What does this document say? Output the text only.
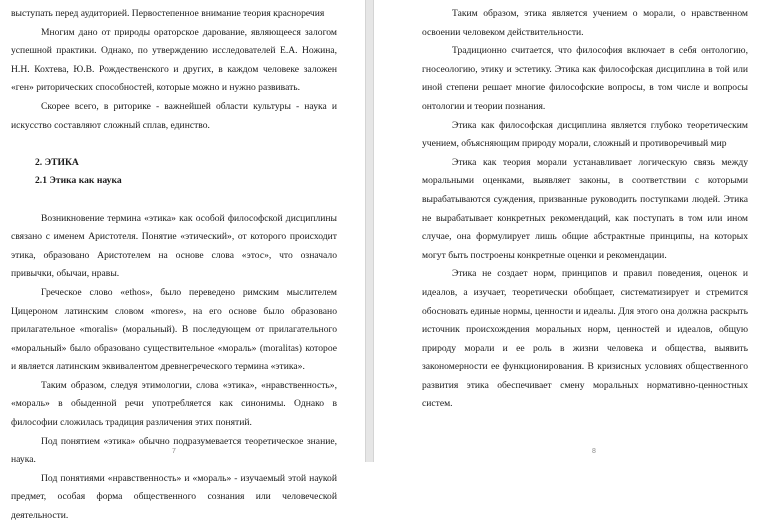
выступать перед аудиторией. Первостепенное внимание теория красноречия

Многим дано от природы ораторское дарование, являющееся залогом успешной практики. Однако, по утверждению исследователей Е.А. Ножина, Н.Н. Кохтева, Ю.В. Рождественского и других, в каждом человеке заложен «ген» риторических способностей, которые можно и нужно развивать.

Скорее всего, в риторике - важнейшей области культуры - наука и искусство составляют сложный сплав, единство.

2. ЭТИКА
2.1 Этика как наука

Возникновение термина «этика» как особой философской дисциплины связано с именем Аристотеля. Понятие «этический», от которого происходит этика, образовано Аристотелем на основе слова «этос», что означало привычки, обычаи, нравы.

Греческое слово «ethos», было переведено римским мыслителем Цицероном латинским словом «mores», на его основе было образовано прилагательное «moralis» (моральный). В последующем от прилагательного «моральный» было образовано существительное «мораль» (moralitas) которое и является латинским эквивалентом древнегреческого термина «этика».

Таким образом, следуя этимологии, слова «этика», «нравственность», «мораль» в обыденной речи употребляется как синонимы. Однако в философии сложилась традиция различения этих понятий.

Под понятием «этика» обычно подразумевается теоретическое знание, наука.

Под понятиями «нравственность» и «мораль» - изучаемый этой наукой предмет, особая форма общественного сознания или человеческой деятельности.

7

Таким образом, этика является учением о морали, о нравственном освоении человеком действительности.

Традиционно считается, что философия включает в себя онтологию, гносеологию, этику и эстетику. Этика как философская дисциплина в той или иной степени решает многие философские вопросы, в том числе и вопросы онтологии и теории познания.

Этика как философская дисциплина является глубоко теоретическим учением, объясняющим природу морали, сложный и противоречивый мир

Этика как теория морали устанавливает логическую связь между моральными оценками, выявляет законы, в соответствии с которыми вырабатываются суждения, призванные руководить поступками людей. Этика не вырабатывает конкретных рекомендаций, как поступать в том или ином случае, она формулирует лишь общие абстрактные принципы, на которых могут быть построены конкретные оценки и рекомендации.

Этика не создает норм, принципов и правил поведения, оценок и идеалов, а изучает, теоретически обобщает, систематизирует и стремится обосновать единые нормы, ценности и идеалы. Для этого она должна раскрыть источник происхождения моральных норм, ценностей и идеалов, общую природу морали и ее роль в жизни человека и общества, выявить закономерности ее функционирования. В кризисных условиях общественного развития этика обеспечивает смену моральных нормативно-ценностных систем.

8
